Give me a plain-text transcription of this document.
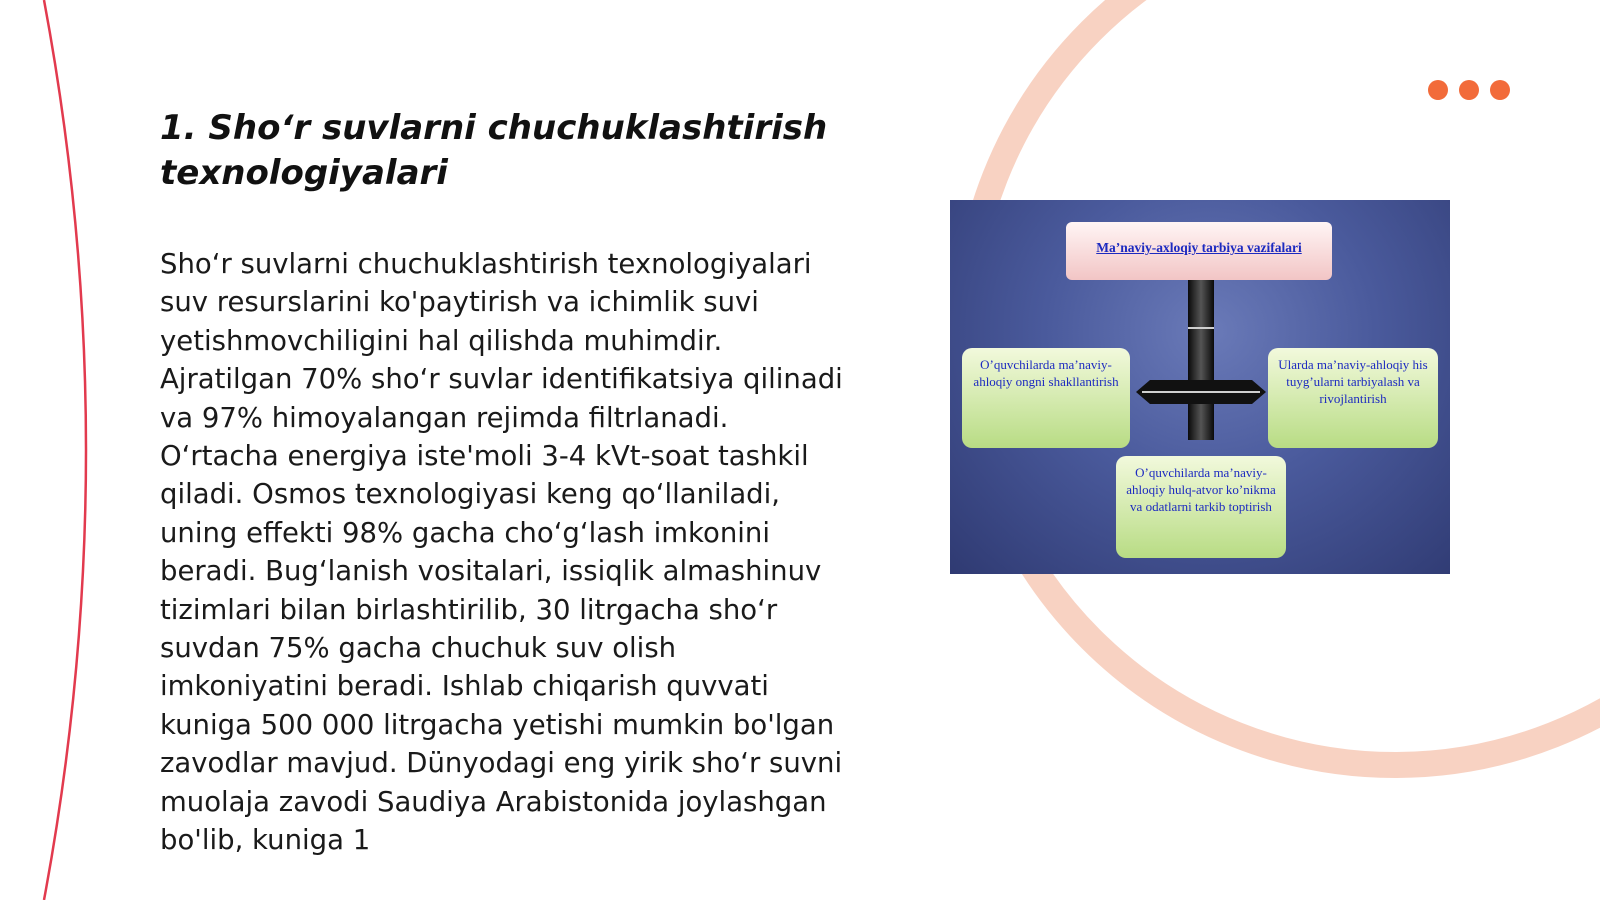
1. Sho‘r suvlarni chuchuklashtirish texnologiyalari

Sho‘r suvlarni chuchuklashtirish texnologiyalari suv resurslarini ko'paytirish va ichimlik suvi yetishmovchiligini hal qilishda muhimdir. Ajratilgan 70% sho‘r suvlar identifikatsiya qilinadi va 97% himoyalangan rejimda filtrlanadi. O‘rtacha energiya iste'moli 3-4 kVt-soat tashkil qiladi. Osmos texnologiyasi keng qo‘llaniladi, uning effekti 98% gacha cho‘g‘lash imkonini beradi. Bug‘lanish vositalari, issiqlik almashinuv tizimlari bilan birlashtirilib, 30 litrgacha sho‘r suvdan 75% gacha chuchuk suv olish imkoniyatini beradi. Ishlab chiqarish quvvati kuniga 500 000 litrgacha yetishi mumkin bo'lgan zavodlar mavjud. Dünyodagi eng yirik sho‘r suvni muolaja zavodi Saudiya Arabistonida joylashgan bo'lib, kuniga 1

Ma’naviy-axloqiy tarbiya vazifalari
O’quvchilarda ma’naviy-ahloqiy ongni shakllantirish
Ularda ma’naviy-ahloqiy his tuyg’ularni tarbiyalash va rivojlantirish
O’quvchilarda ma’naviy-ahloqiy hulq-atvor ko’nikma va odatlarni tarkib toptirish
